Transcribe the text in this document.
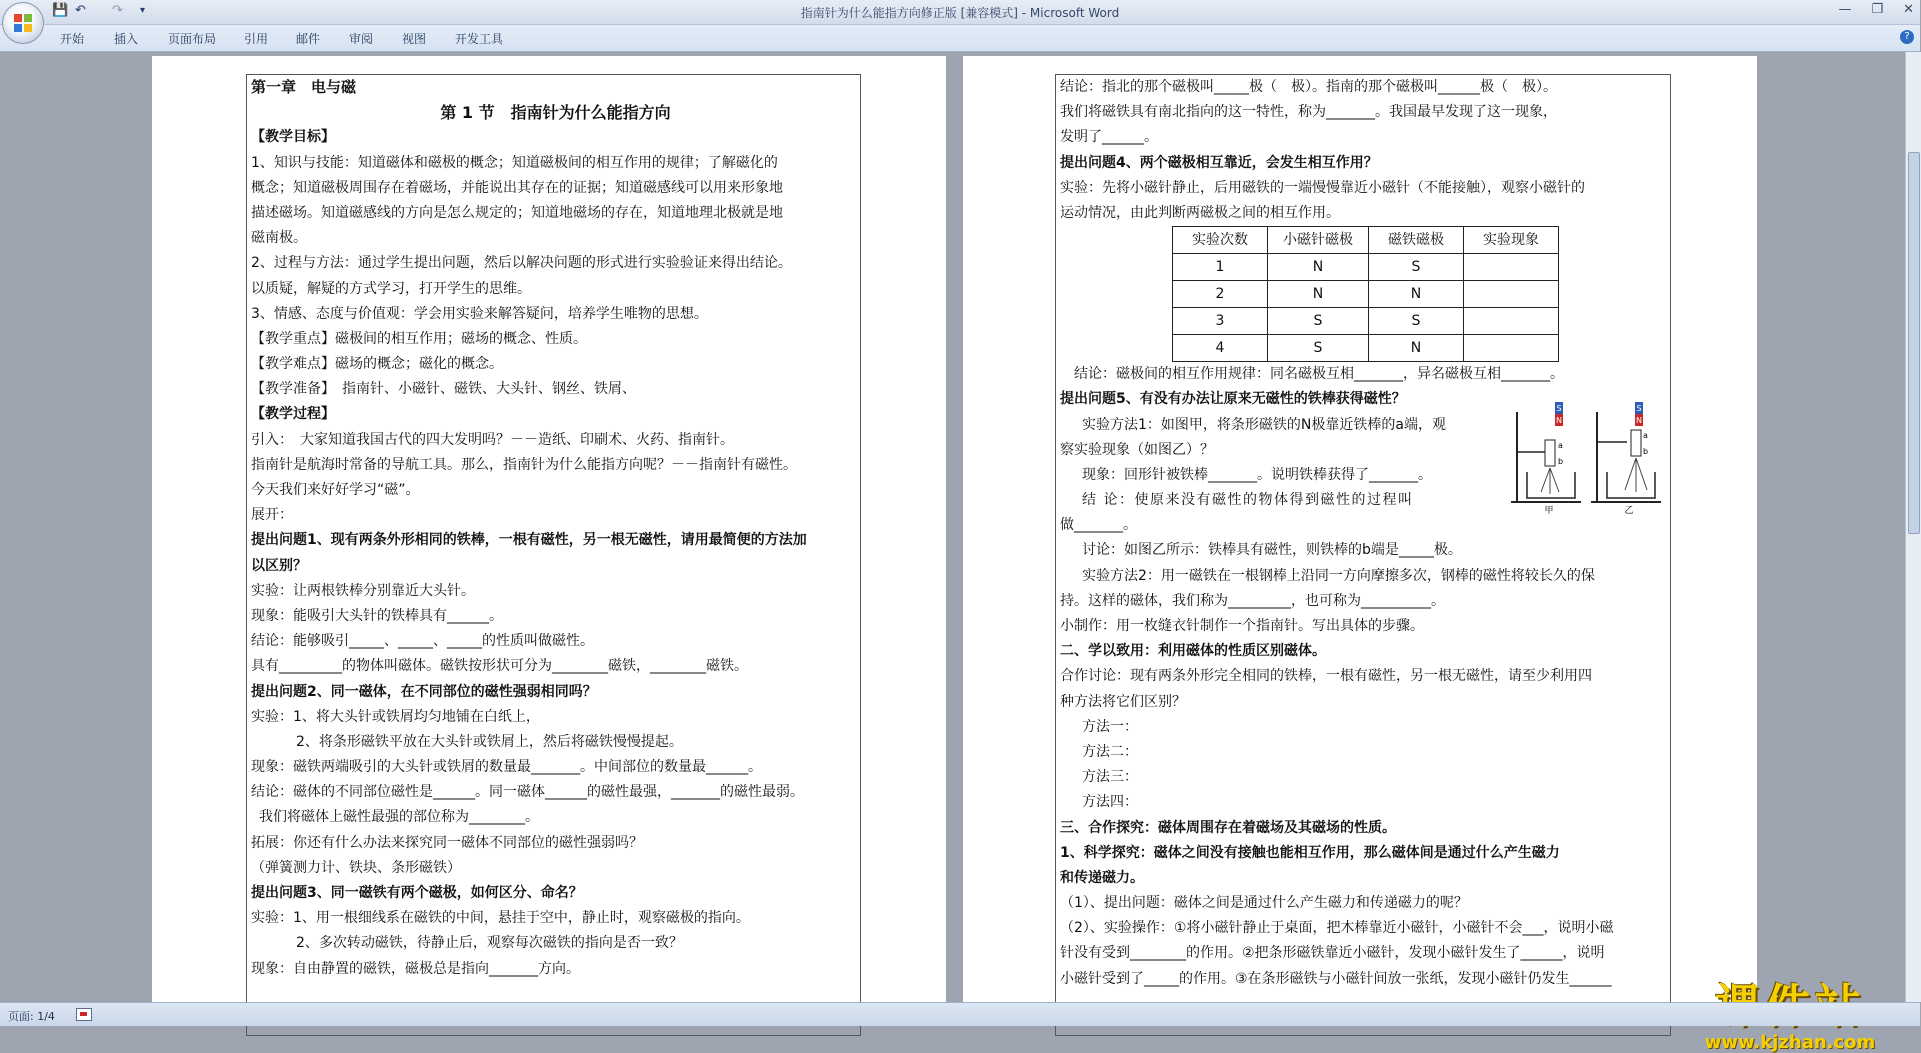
💾 ↶ ↷ ▾	指南针为什么能指方向修正版 [兼容模式] - Microsoft Word	— ❐ ✕
开始 插入 页面布局 引用 邮件 审阅 视图 开发工具	?
第一章　电与磁
第 1 节　指南针为什么能指方向
【教学目标】
1、知识与技能：知道磁体和磁极的概念；知道磁极间的相互作用的规律；了解磁化的
概念；知道磁极周围存在着磁场，并能说出其存在的证据；知道磁感线可以用来形象地
描述磁场。知道磁感线的方向是怎么规定的；知道地磁场的存在，知道地理北极就是地
磁南极。
2、过程与方法：通过学生提出问题，然后以解决问题的形式进行实验验证来得出结论。
以质疑，解疑的方式学习，打开学生的思维。
3、情感、态度与价值观：学会用实验来解答疑问，培养学生唯物的思想。
【教学重点】磁极间的相互作用；磁场的概念、性质。
【教学难点】磁场的概念；磁化的概念。
【教学准备】　指南针、小磁针、磁铁、大头针、钢丝、铁屑、
【教学过程】
引入：　大家知道我国古代的四大发明吗？－－造纸、印刷术、火药、指南针。
指南针是航海时常备的导航工具。那么，指南针为什么能指方向呢？－－指南针有磁性。
今天我们来好好学习“磁”。
展开：
提出问题1、现有两条外形相同的铁棒，一根有磁性，另一根无磁性，请用最简便的方法加
以区别？
实验：让两根铁棒分别靠近大头针。
现象：能吸引大头针的铁棒具有______。
结论：能够吸引_____、_____、_____的性质叫做磁性。
具有_________的物体叫磁体。磁铁按形状可分为________磁铁，________磁铁。
提出问题2、同一磁体，在不同部位的磁性强弱相同吗？
实验：1、将大头针或铁屑均匀地铺在白纸上，
2、将条形磁铁平放在大头针或铁屑上，然后将磁铁慢慢提起。
现象：磁铁两端吸引的大头针或铁屑的数量最_______。中间部位的数量最______。
结论：磁体的不同部位磁性是______。同一磁体______的磁性最强，_______的磁性最弱。
我们将磁体上磁性最强的部位称为________。
拓展：你还有什么办法来探究同一磁体不同部位的磁性强弱吗？
（弹簧测力计、铁块、条形磁铁）
提出问题3、同一磁铁有两个磁极，如何区分、命名？
实验：1、用一根细线系在磁铁的中间，悬挂于空中，静止时，观察磁极的指向。
2、多次转动磁铁，待静止后，观察每次磁铁的指向是否一致？
现象：自由静置的磁铁，磁极总是指向_______方向。
结论：指北的那个磁极叫_____极（　极）。指南的那个磁极叫______极（　极）。
我们将磁铁具有南北指向的这一特性，称为_______。我国最早发现了这一现象，
发明了______。
提出问题4、两个磁极相互靠近，会发生相互作用？
实验：先将小磁针静止，后用磁铁的一端慢慢靠近小磁针（不能接触），观察小磁针的
运动情况，由此判断两磁极之间的相互作用。
实验次数	小磁针磁极	磁铁磁极	实验现象
1	N	S	
2	N	N	
3	S	S	
4	S	N	
结论：磁极间的相互作用规律：同名磁极互相_______，异名磁极互相_______。
提出问题5、有没有办法让原来无磁性的铁棒获得磁性？
实验方法1：如图甲，将条形磁铁的N极靠近铁棒的a端，观
察实验现象（如图乙）？
现象：回形针被铁棒_______。说明铁棒获得了_______。
结 论：使原来没有磁性的物体得到磁性的过程叫
做_______。
讨论：如图乙所示：铁棒具有磁性，则铁棒的b端是_____极。
实验方法2：用一磁铁在一根钢棒上沿同一方向摩擦多次，钢棒的磁性将较长久的保
持。这样的磁体，我们称为_________，也可称为__________。
小制作：用一枚缝衣针制作一个指南针。写出具体的步骤。
二、学以致用：利用磁体的性质区别磁体。
合作讨论：现有两条外形完全相同的铁棒，一根有磁性，另一根无磁性，请至少利用四
种方法将它们区别？
方法一：
方法二：
方法三：
方法四：
三、合作探究：磁体周围存在着磁场及其磁场的性质。
1、科学探究：磁体之间没有接触也能相互作用，那么磁体间是通过什么产生磁力
和传递磁力。
（1）、提出问题：磁体之间是通过什么产生磁力和传递磁力的呢？
（2）、实验操作：①将小磁针静止于桌面，把木棒靠近小磁针，小磁针不会___，说明小磁
针没有受到________的作用。②把条形磁铁靠近小磁针，发现小磁针发生了______，说明
小磁针受到了_____的作用。③在条形磁铁与小磁针间放一张纸，发现小磁针仍发生______
S
N
a
b
甲
S
N
a
b
乙
www.kjzhan.com
页面: 1/4
